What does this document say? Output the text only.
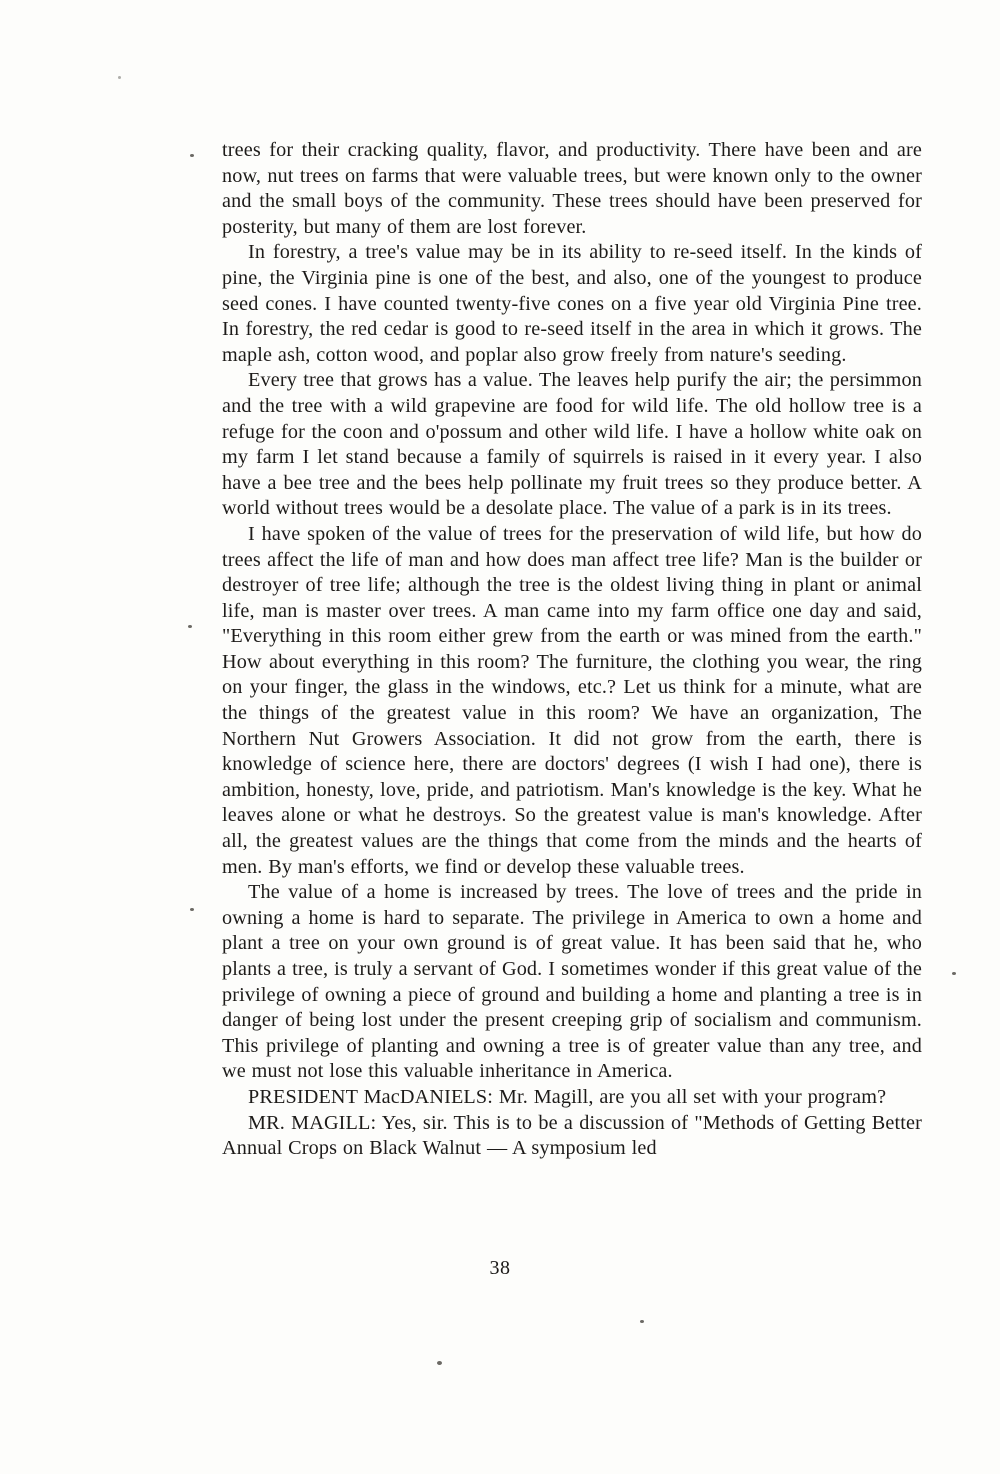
trees for their cracking quality, flavor, and productivity. There have been and are now, nut trees on farms that were valuable trees, but were known only to the owner and the small boys of the community. These trees should have been preserved for posterity, but many of them are lost forever.

In forestry, a tree's value may be in its ability to re-seed itself. In the kinds of pine, the Virginia pine is one of the best, and also, one of the youngest to produce seed cones. I have counted twenty-five cones on a five year old Virginia Pine tree. In forestry, the red cedar is good to re-seed itself in the area in which it grows. The maple ash, cotton wood, and poplar also grow freely from nature's seeding.

Every tree that grows has a value. The leaves help purify the air; the persimmon and the tree with a wild grapevine are food for wild life. The old hollow tree is a refuge for the coon and o'possum and other wild life. I have a hollow white oak on my farm I let stand because a family of squirrels is raised in it every year. I also have a bee tree and the bees help pollinate my fruit trees so they produce better. A world without trees would be a desolate place. The value of a park is in its trees.

I have spoken of the value of trees for the preservation of wild life, but how do trees affect the life of man and how does man affect tree life? Man is the builder or destroyer of tree life; although the tree is the oldest living thing in plant or animal life, man is master over trees. A man came into my farm office one day and said, "Everything in this room either grew from the earth or was mined from the earth." How about everything in this room? The furniture, the clothing you wear, the ring on your finger, the glass in the windows, etc.? Let us think for a minute, what are the things of the greatest value in this room? We have an organization, The Northern Nut Growers Association. It did not grow from the earth, there is knowledge of science here, there are doctors' degrees (I wish I had one), there is ambition, honesty, love, pride, and patriotism. Man's knowledge is the key. What he leaves alone or what he destroys. So the greatest value is man's knowledge. After all, the greatest values are the things that come from the minds and the hearts of men. By man's efforts, we find or develop these valuable trees.

The value of a home is increased by trees. The love of trees and the pride in owning a home is hard to separate. The privilege in America to own a home and plant a tree on your own ground is of great value. It has been said that he, who plants a tree, is truly a servant of God. I sometimes wonder if this great value of the privilege of owning a piece of ground and building a home and planting a tree is in danger of being lost under the present creeping grip of socialism and communism. This privilege of planting and owning a tree is of greater value than any tree, and we must not lose this valuable inheritance in America.

PRESIDENT MacDANIELS: Mr. Magill, are you all set with your program?

MR. MAGILL: Yes, sir. This is to be a discussion of "Methods of Getting Better Annual Crops on Black Walnut — A symposium led

38
